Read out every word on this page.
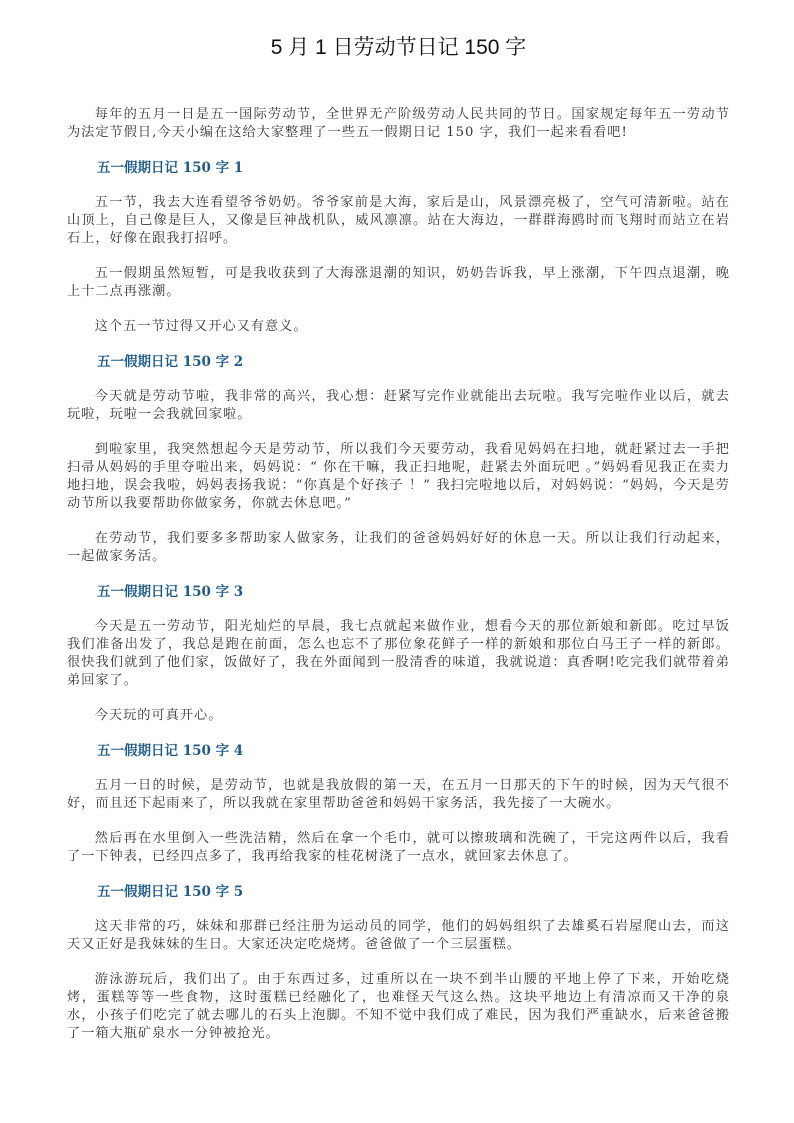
5 月 1 日劳动节日记 150 字

每年的五月一日是五一国际劳动节，全世界无产阶级劳动人民共同的节日。国家规定每年五一劳动节为法定节假日,今天小编在这给大家整理了一些五一假期日记 150 字，我们一起来看看吧!

五一假期日记 150 字 1

五一节，我去大连看望爷爷奶奶。爷爷家前是大海，家后是山，风景漂亮极了，空气可清新啦。站在山顶上，自己像是巨人，又像是巨神战机队，威风凛凛。站在大海边，一群群海鸥时而飞翔时而站立在岩石上，好像在跟我打招呼。

五一假期虽然短暂，可是我收获到了大海涨退潮的知识，奶奶告诉我，早上涨潮，下午四点退潮，晚上十二点再涨潮。

这个五一节过得又开心又有意义。

五一假期日记 150 字 2

今天就是劳动节啦，我非常的高兴，我心想：赶紧写完作业就能出去玩啦。我写完啦作业以后，就去玩啦，玩啦一会我就回家啦。

到啦家里，我突然想起今天是劳动节，所以我们今天要劳动，我看见妈妈在扫地，就赶紧过去一手把扫帚从妈妈的手里夺啦出来，妈妈说：“ 你在干嘛，我正扫地呢，赶紧去外面玩吧 。”妈妈看见我正在卖力地扫地，误会我啦，妈妈表扬我说：“你真是个好孩子 ！” 我扫完啦地以后，对妈妈说：“妈妈，今天是劳动节所以我要帮助你做家务，你就去休息吧。”

在劳动节，我们要多多帮助家人做家务，让我们的爸爸妈妈好好的休息一天。所以让我们行动起来，一起做家务活。

五一假期日记 150 字 3

今天是五一劳动节，阳光灿烂的早晨，我七点就起来做作业，想看今天的那位新娘和新郎。吃过早饭我们准备出发了，我总是跑在前面，怎么也忘不了那位象花鲜子一样的新娘和那位白马王子一样的新郎。很快我们就到了他们家，饭做好了，我在外面闻到一股清香的味道，我就说道：真香啊!吃完我们就带着弟弟回家了。

今天玩的可真开心。

五一假期日记 150 字 4

五月一日的时候，是劳动节，也就是我放假的第一天，在五月一日那天的下午的时候，因为天气很不好，而且还下起雨来了，所以我就在家里帮助爸爸和妈妈干家务活，我先接了一大碗水。

然后再在水里倒入一些洗洁精，然后在拿一个毛巾，就可以擦玻璃和洗碗了，干完这两件以后，我看了一下钟表，已经四点多了，我再给我家的桂花树浇了一点水，就回家去休息了。

五一假期日记 150 字 5

这天非常的巧，妹妹和那群已经注册为运动员的同学，他们的妈妈组织了去雄奚石岩屋爬山去，而这天又正好是我妹妹的生日。大家还决定吃烧烤。爸爸做了一个三层蛋糕。

游泳游玩后，我们出了。由于东西过多，过重所以在一块不到半山腰的平地上停了下来，开始吃烧烤，蛋糕等等一些食物，这时蛋糕已经融化了，也难怪天气这么热。这块平地边上有清凉而又干净的泉水，小孩子们吃完了就去哪儿的石头上泡脚。不知不觉中我们成了难民，因为我们严重缺水，后来爸爸搬了一箱大瓶矿泉水一分钟被抢光。
